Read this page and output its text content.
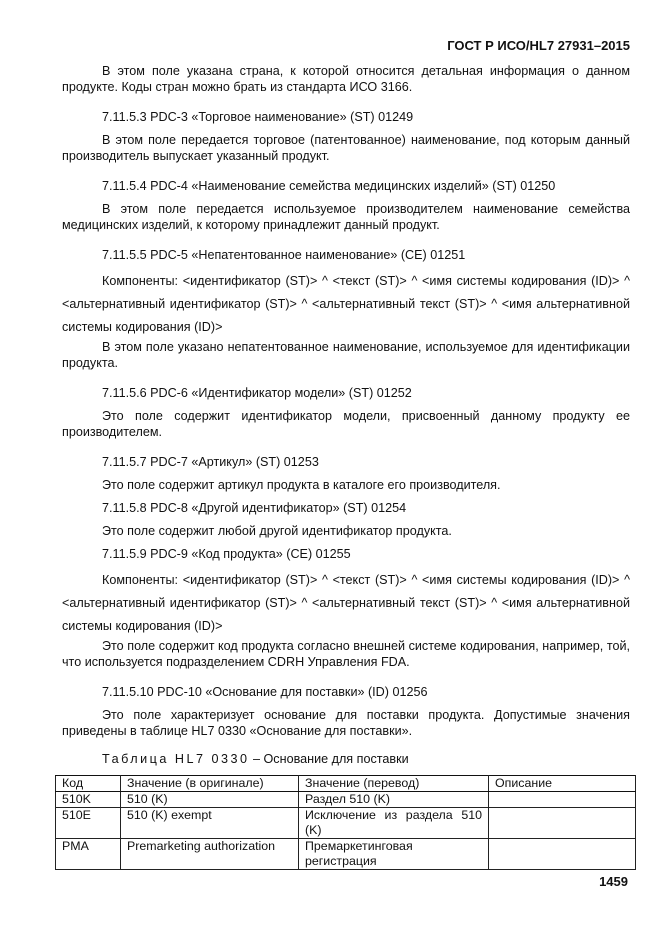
ГОСТ Р ИСО/HL7 27931–2015
В этом поле указана страна, к которой относится детальная информация о данном продукте. Коды стран можно брать из стандарта ИСО 3166.
7.11.5.3 PDC-3 «Торговое наименование» (ST) 01249
В этом поле передается торговое (патентованное) наименование, под которым данный производитель выпускает указанный продукт.
7.11.5.4 PDC-4 «Наименование семейства медицинских изделий» (ST) 01250
В этом поле передается используемое производителем наименование семейства медицинских изделий, к которому принадлежит данный продукт.
7.11.5.5 PDC-5 «Непатентованное наименование» (CE) 01251
Компоненты: <идентификатор (ST)> ^ <текст (ST)> ^ <имя системы кодирования (ID)> ^ <альтернативный идентификатор (ST)> ^ <альтернативный текст (ST)> ^ <имя альтернативной системы кодирования (ID)>
В этом поле указано непатентованное наименование, используемое для идентификации продукта.
7.11.5.6 PDC-6 «Идентификатор модели» (ST) 01252
Это поле содержит идентификатор модели, присвоенный данному продукту ее производителем.
7.11.5.7 PDC-7 «Артикул» (ST) 01253
Это поле содержит артикул продукта в каталоге его производителя.
7.11.5.8 PDC-8 «Другой идентификатор» (ST) 01254
Это поле содержит любой другой идентификатор продукта.
7.11.5.9 PDC-9 «Код продукта» (CE) 01255
Компоненты: <идентификатор (ST)> ^ <текст (ST)> ^ <имя системы кодирования (ID)> ^ <альтернативный идентификатор (ST)> ^ <альтернативный текст (ST)> ^ <имя альтернативной системы кодирования (ID)>
Это поле содержит код продукта согласно внешней системе кодирования, например, той, что используется подразделением CDRH Управления FDA.
7.11.5.10 PDC-10 «Основание для поставки» (ID) 01256
Это поле характеризует основание для поставки продукта. Допустимые значения приведены в таблице HL7 0330 «Основание для поставки».
Таблица HL7 0330 – Основание для поставки
Код	Значение (в оригинале)	Значение (перевод)	Описание
510K	510 (K)	Раздел 510 (K)	
510E	510 (K) exempt	Исключение из раздела 510 (K)	
PMA	Premarketing authorization	Премаркетинговая регистрация	
1459
